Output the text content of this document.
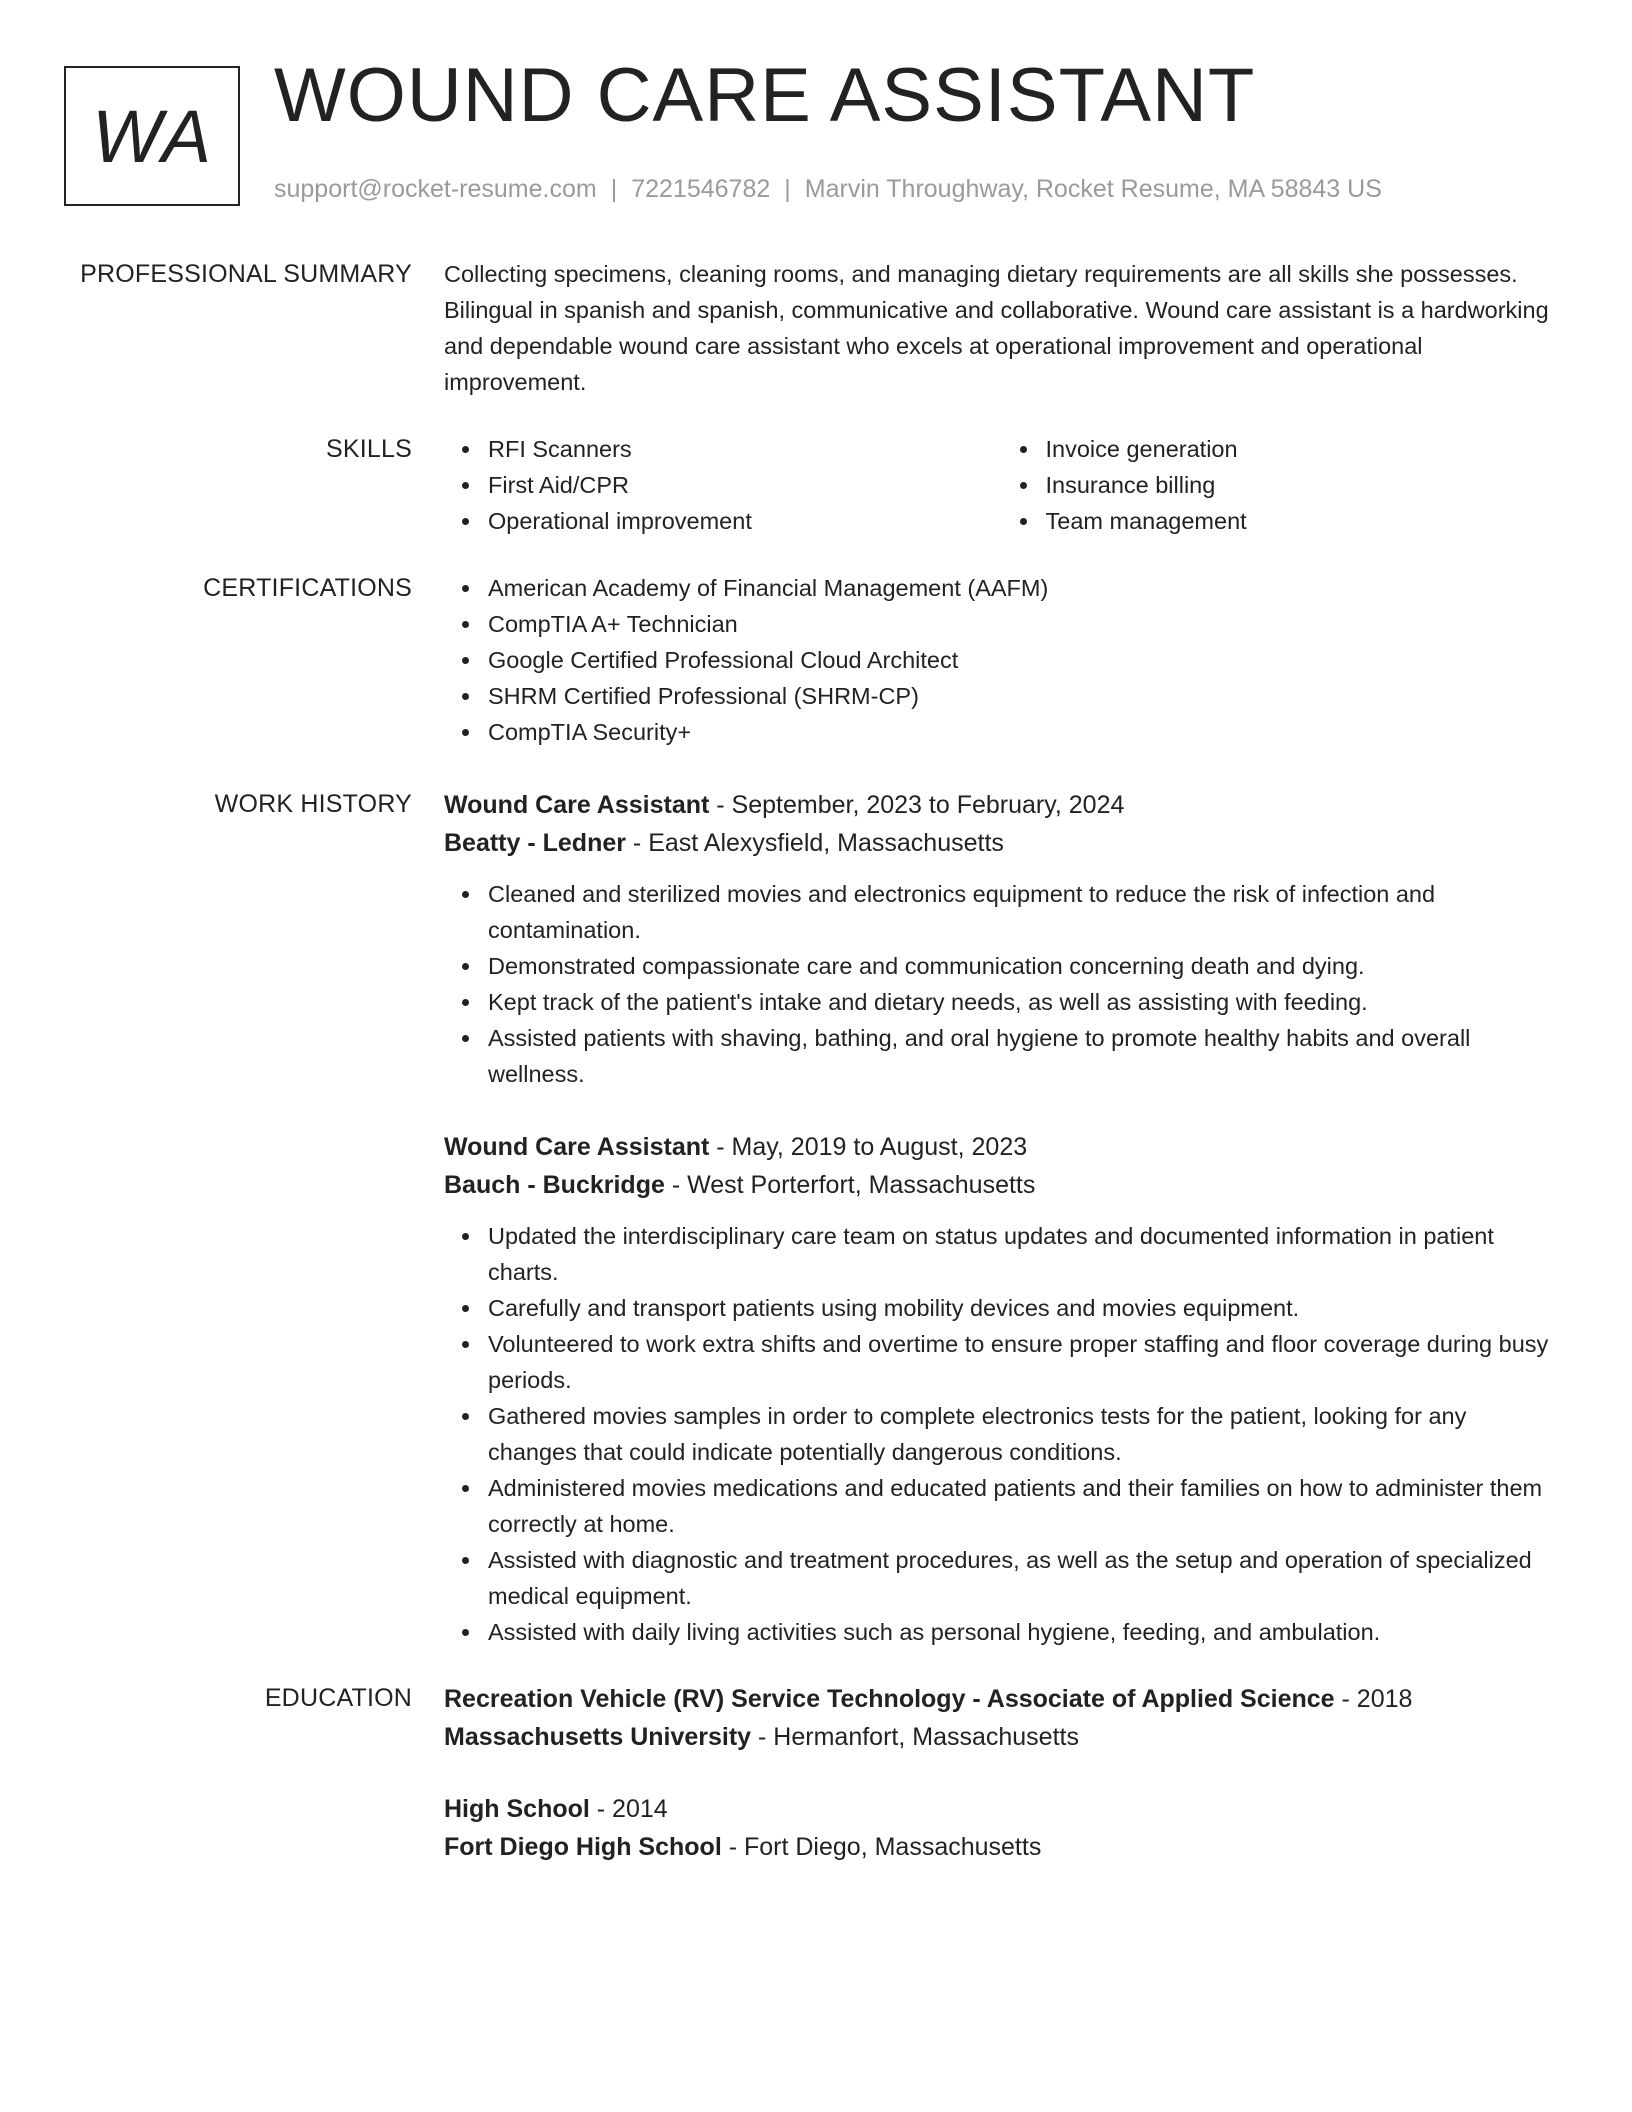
WA WOUND CARE ASSISTANT
support@rocket-resume.com | 7221546782 | Marvin Throughway, Rocket Resume, MA 58843 US
PROFESSIONAL SUMMARY Collecting specimens, cleaning rooms, and managing dietary requirements are all skills she possesses. Bilingual in spanish and spanish, communicative and collaborative. Wound care assistant is a hardworking and dependable wound care assistant who excels at operational improvement and operational improvement.
SKILLS	RFI Scanners
First Aid/CPR
Operational improvement
Invoice generation
Insurance billing
Team management
CERTIFICATIONS	American Academy of Financial Management (AAFM)
CompTIA A+ Technician
Google Certified Professional Cloud Architect
SHRM Certified Professional (SHRM-CP)
CompTIA Security+
WORK HISTORY Wound Care Assistant - September, 2023 to February, 2024
Beatty - Ledner - East Alexysfield, Massachusetts
Cleaned and sterilized movies and electronics equipment to reduce the risk of infection and contamination.
Demonstrated compassionate care and communication concerning death and dying.
Kept track of the patient's intake and dietary needs, as well as assisting with feeding.
Assisted patients with shaving, bathing, and oral hygiene to promote healthy habits and overall wellness.
Wound Care Assistant - May, 2019 to August, 2023
Bauch - Buckridge - West Porterfort, Massachusetts
Updated the interdisciplinary care team on status updates and documented information in patient charts.
Carefully and transport patients using mobility devices and movies equipment.
Volunteered to work extra shifts and overtime to ensure proper staffing and floor coverage during busy periods.
Gathered movies samples in order to complete electronics tests for the patient, looking for any changes that could indicate potentially dangerous conditions.
Administered movies medications and educated patients and their families on how to administer them correctly at home.
Assisted with diagnostic and treatment procedures, as well as the setup and operation of specialized medical equipment.
Assisted with daily living activities such as personal hygiene, feeding, and ambulation.
EDUCATION Recreation Vehicle (RV) Service Technology - Associate of Applied Science - 2018
Massachusetts University - Hermanfort, Massachusetts
High School - 2014
Fort Diego High School - Fort Diego, Massachusetts
